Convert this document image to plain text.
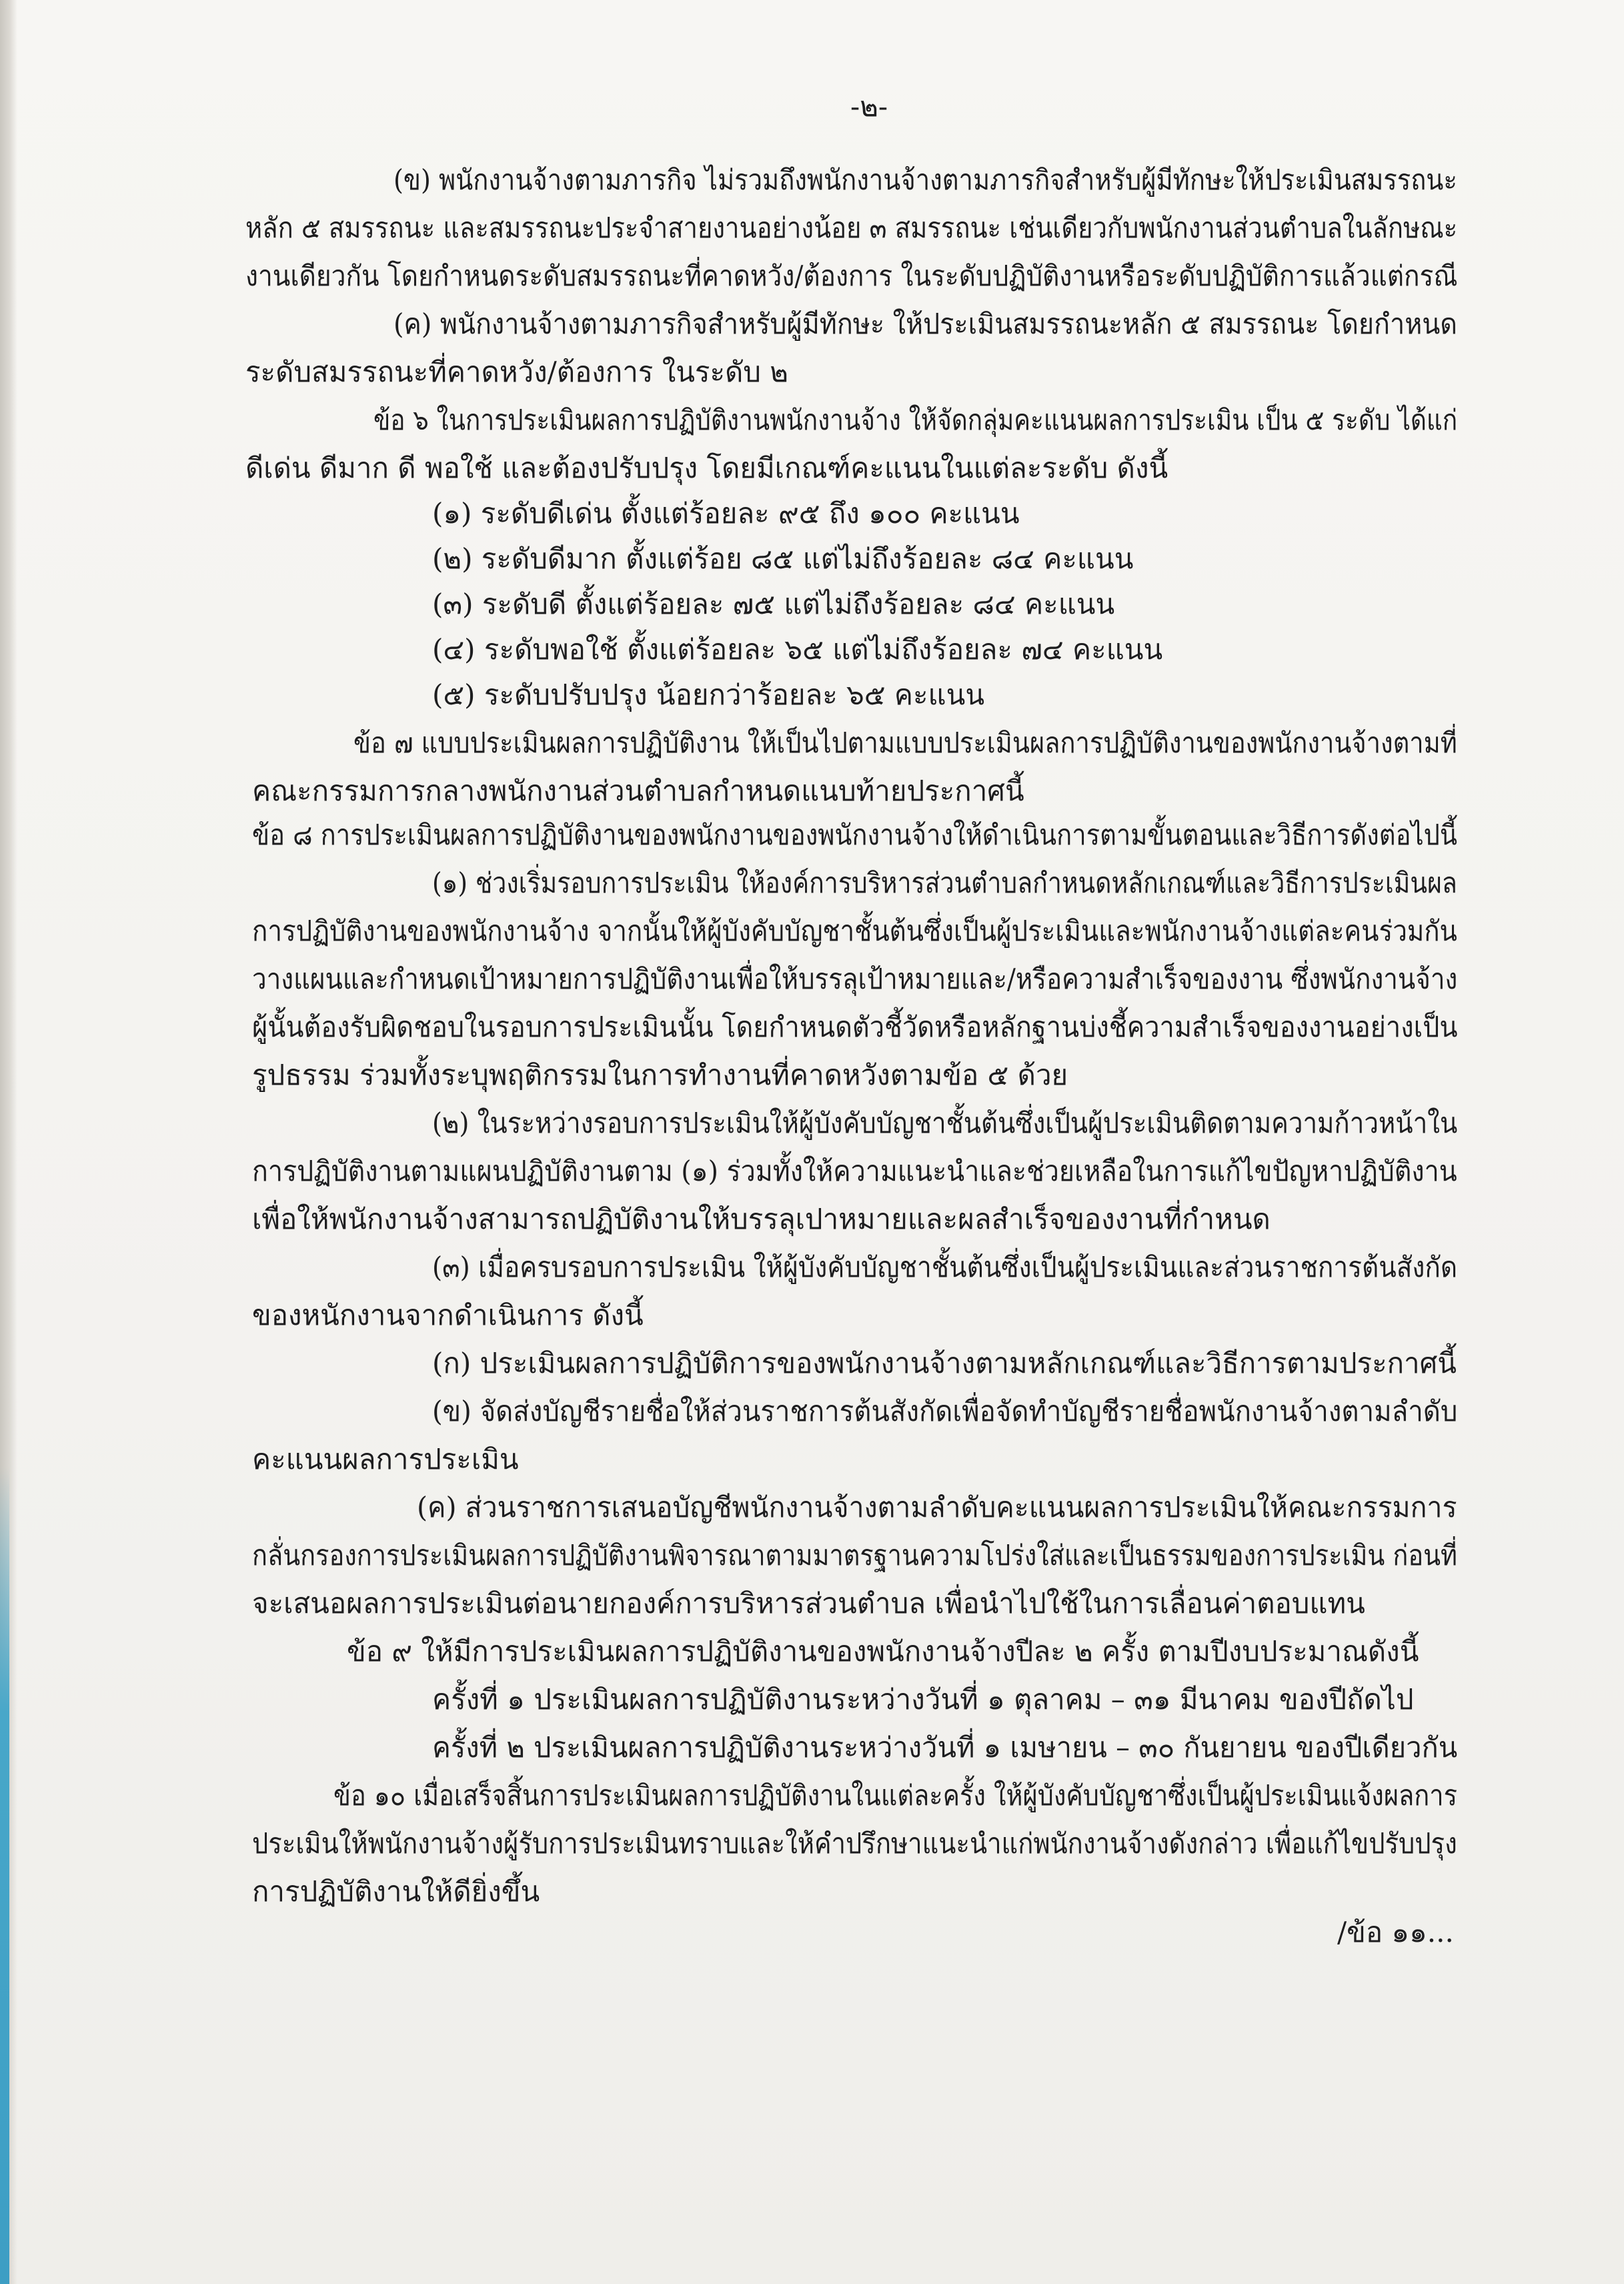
-๒-
(ข) พนักงานจ้างตามภารกิจ ไม่รวมถึงพนักงานจ้างตามภารกิจสำหรับผู้มีทักษะให้ประเมินสมรรถนะ
หลัก ๕ สมรรถนะ และสมรรถนะประจำสายงานอย่างน้อย ๓ สมรรถนะ เช่นเดียวกับพนักงานส่วนตำบลในลักษณะ
งานเดียวกัน โดยกำหนดระดับสมรรถนะที่คาดหวัง/ต้องการ ในระดับปฏิบัติงานหรือระดับปฏิบัติการแล้วแต่กรณี
(ค) พนักงานจ้างตามภารกิจสำหรับผู้มีทักษะ ให้ประเมินสมรรถนะหลัก ๕ สมรรถนะ โดยกำหนด
ระดับสมรรถนะที่คาดหวัง/ต้องการ ในระดับ ๒
ข้อ ๖ ในการประเมินผลการปฏิบัติงานพนักงานจ้าง ให้จัดกลุ่มคะแนนผลการประเมิน เป็น ๕ ระดับ ได้แก่
ดีเด่น ดีมาก ดี พอใช้ และต้องปรับปรุง โดยมีเกณฑ์คะแนนในแต่ละระดับ ดังนี้
(๑) ระดับดีเด่น ตั้งแต่ร้อยละ ๙๕ ถึง ๑๐๐ คะแนน
(๒) ระดับดีมาก ตั้งแต่ร้อย ๘๕ แต่ไม่ถึงร้อยละ ๘๔ คะแนน
(๓) ระดับดี ตั้งแต่ร้อยละ ๗๕ แต่ไม่ถึงร้อยละ ๘๔ คะแนน
(๔) ระดับพอใช้ ตั้งแต่ร้อยละ ๖๕ แต่ไม่ถึงร้อยละ ๗๔ คะแนน
(๕) ระดับปรับปรุง น้อยกว่าร้อยละ ๖๕ คะแนน
ข้อ ๗ แบบประเมินผลการปฏิบัติงาน ให้เป็นไปตามแบบประเมินผลการปฏิบัติงานของพนักงานจ้างตามที่
คณะกรรมการกลางพนักงานส่วนตำบลกำหนดแนบท้ายประกาศนี้
ข้อ ๘ การประเมินผลการปฏิบัติงานของพนักงานของพนักงานจ้างให้ดำเนินการตามขั้นตอนและวิธีการดังต่อไปนี้
(๑) ช่วงเริ่มรอบการประเมิน ให้องค์การบริหารส่วนตำบลกำหนดหลักเกณฑ์และวิธีการประเมินผล
การปฏิบัติงานของพนักงานจ้าง จากนั้นให้ผู้บังคับบัญชาชั้นต้นซึ่งเป็นผู้ประเมินและพนักงานจ้างแต่ละคนร่วมกัน
วางแผนและกำหนดเป้าหมายการปฏิบัติงานเพื่อให้บรรลุเป้าหมายและ/หรือความสำเร็จของงาน ซึ่งพนักงานจ้าง
ผู้นั้นต้องรับผิดชอบในรอบการประเมินนั้น โดยกำหนดตัวชี้วัดหรือหลักฐานบ่งชี้ความสำเร็จของงานอย่างเป็น
รูปธรรม ร่วมทั้งระบุพฤติกรรมในการทำงานที่คาดหวังตามข้อ ๕ ด้วย
(๒) ในระหว่างรอบการประเมินให้ผู้บังคับบัญชาชั้นต้นซึ่งเป็นผู้ประเมินติดตามความก้าวหน้าใน
การปฏิบัติงานตามแผนปฏิบัติงานตาม (๑) ร่วมทั้งให้ความแนะนำและช่วยเหลือในการแก้ไขปัญหาปฏิบัติงาน
เพื่อให้พนักงานจ้างสามารถปฏิบัติงานให้บรรลุเปาหมายและผลสำเร็จของงานที่กำหนด
(๓) เมื่อครบรอบการประเมิน ให้ผู้บังคับบัญชาชั้นต้นซึ่งเป็นผู้ประเมินและส่วนราชการต้นสังกัด
ของหนักงานจากดำเนินการ ดังนี้
(ก) ประเมินผลการปฏิบัติการของพนักงานจ้างตามหลักเกณฑ์และวิธีการตามประกาศนี้
(ข) จัดส่งบัญชีรายชื่อให้ส่วนราชการต้นสังกัดเพื่อจัดทำบัญชีรายชื่อพนักงานจ้างตามลำดับ
คะแนนผลการประเมิน
(ค) ส่วนราชการเสนอบัญชีพนักงานจ้างตามลำดับคะแนนผลการประเมินให้คณะกรรมการ
กลั่นกรองการประเมินผลการปฏิบัติงานพิจารณาตามมาตรฐานความโปร่งใส่และเป็นธรรมของการประเมิน ก่อนที่
จะเสนอผลการประเมินต่อนายกองค์การบริหารส่วนตำบล เพื่อนำไปใช้ในการเลื่อนค่าตอบแทน
ข้อ ๙ ให้มีการประเมินผลการปฏิบัติงานของพนักงานจ้างปีละ ๒ ครั้ง ตามปีงบประมาณดังนี้
ครั้งที่ ๑ ประเมินผลการปฏิบัติงานระหว่างวันที่ ๑ ตุลาคม – ๓๑ มีนาคม ของปีถัดไป
ครั้งที่ ๒ ประเมินผลการปฏิบัติงานระหว่างวันที่ ๑ เมษายน – ๓๐ กันยายน ของปีเดียวกัน
ข้อ ๑๐ เมื่อเสร็จสิ้นการประเมินผลการปฏิบัติงานในแต่ละครั้ง ให้ผู้บังคับบัญชาซึ่งเป็นผู้ประเมินแจ้งผลการ
ประเมินให้พนักงานจ้างผู้รับการประเมินทราบและให้คำปรึกษาแนะนำแก่พนักงานจ้างดังกล่าว เพื่อแก้ไขปรับปรุง
การปฏิบัติงานให้ดียิ่งขึ้น
/ข้อ ๑๑...
